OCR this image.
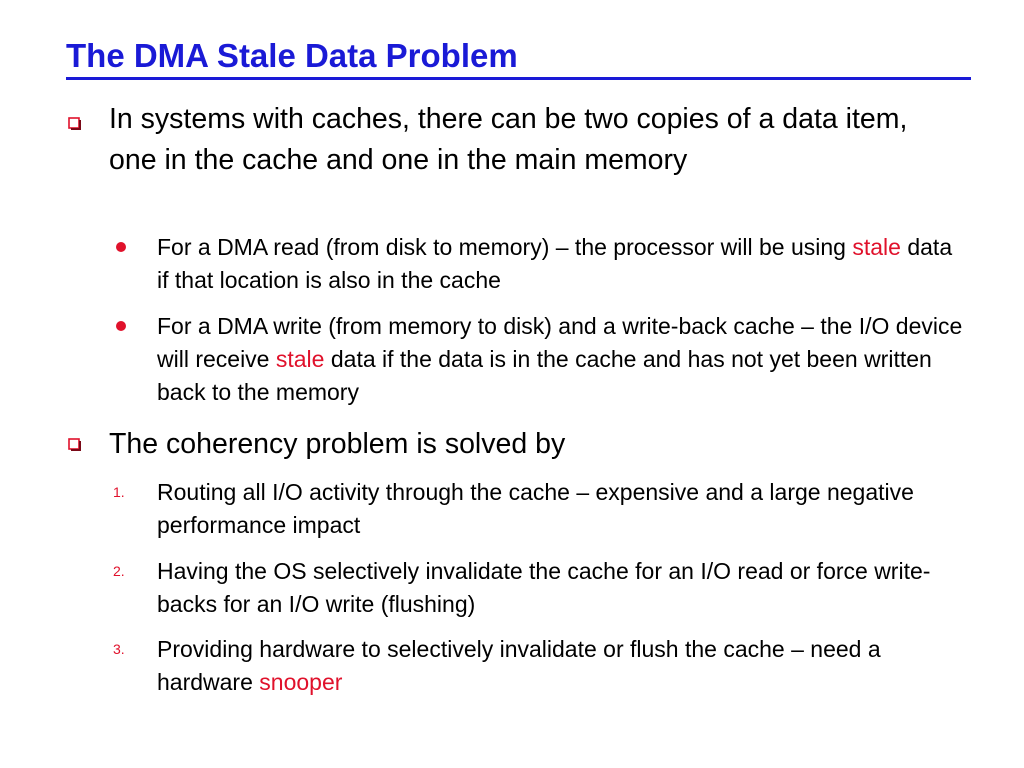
The DMA Stale Data Problem
In systems with caches, there can be two copies of a data item, one in the cache and one in the main memory
For a DMA read (from disk to memory) – the processor will be using stale data if that location is also in the cache
For a DMA write (from memory to disk) and a write-back cache – the I/O device will receive stale data if the data is in the cache and has not yet been written back to the memory
The coherency problem is solved by
1.	Routing all I/O activity through the cache – expensive and a large negative performance impact
2.	Having the OS selectively invalidate the cache for an I/O read or force write-backs for an I/O write (flushing)
3.	Providing hardware to selectively invalidate or flush the cache – need a hardware snooper
